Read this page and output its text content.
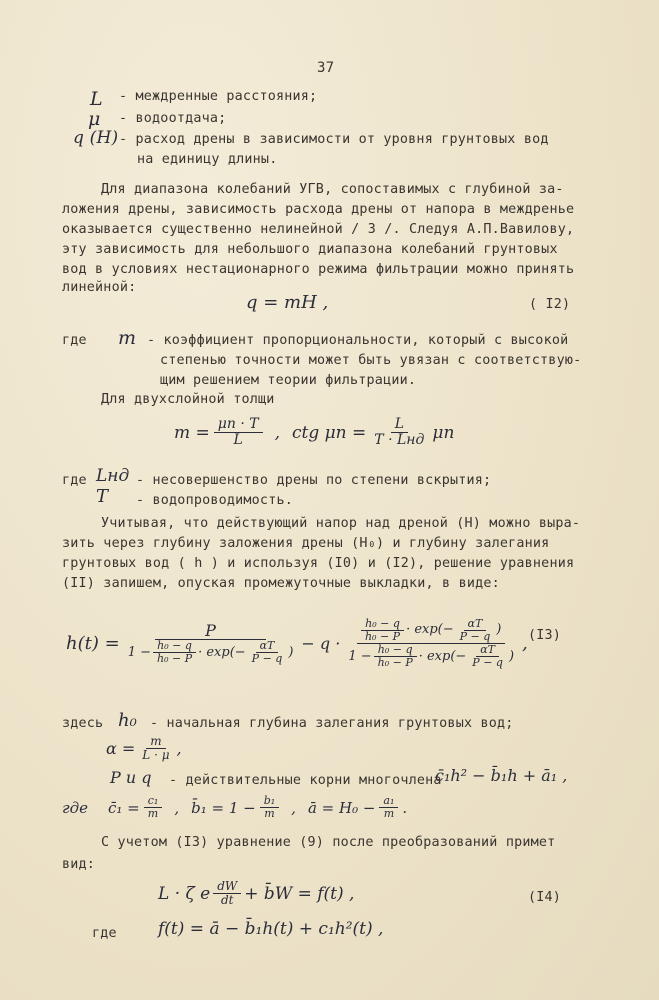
37
L - междренные расстояния;
μ - водоотдача;
q (H) - расход дрены в зависимости от уровня грунтовых вод
на единицу длины.
Для диапазона колебаний УГВ, сопоставимых с глубиной за-
ложения дрены, зависимость расхода дрены от напора в междренье
оказывается существенно нелинейной / 3 /. Следуя А.П.Вавилову,
эту зависимость для небольшого диапазона колебаний грунтовых
вод в условиях нестационарного режима фильтрации можно принять
линейной:
q = mH ,	( I2)
где m - коэффициент пропорциональности, который с высокой
степенью точности может быть увязан с соответствую-
щим решением теории фильтрации.
Для двухслойной толщи
$m = \frac{\mu n \cdot T}{L}$ , ctg $\mu n = \frac{L}{\text{T · Lнд}}$ μn
где Lнд - несовершенство дрены по степени вскрытия;
T - водопроводимость.
Учитывая, что действующий напор над дреной (Н) можно выра-
зить через глубину заложения дрены (Н₀) и глубину залегания
грунтовых вод ( h ) и используя (I0) и (I2), решение уравнения
(II) запишем, опуская промежуточные выкладки, в виде:
h(t) =
P
$1 - \frac{\text{h₀ − q}}{\text{h₀ − P}} \cdot \exp(- \frac{\alpha T}{P - q}$ ) − q ·
$\frac{\text{h₀ − q}}{\text{h₀ − P}} \cdot \exp(- \frac{\alpha T}{P - q}$ )
$1 - \frac{\text{h₀ − q}}{\text{h₀ − P}} \cdot \exp(- \frac{\alpha T}{P - q}$ )
, (I3)
здесь h₀ - начальная глубина залегания грунтовых вод;
$\alpha = \frac{m}{L \cdot \mu}$ ,
P и q - действительные корни многочлена
c̄₁h² − b̄₁h + ā₁ ,
где c̄₁ = $\frac{\text{c₁}}{m}$ , b̄₁ = $1 - \frac{\text{b₁}}{m}$ , ā = $H_0 - \frac{\text{a₁}}{m}$ .
С учетом (I3) уравнение (9) после преобразований примет
вид:
L · ζ e $\frac{dW}{dt}$ + b̄W = f(t) ,	(I4)
где f(t) = ā − b̄₁h(t) + c₁h²(t) ,
